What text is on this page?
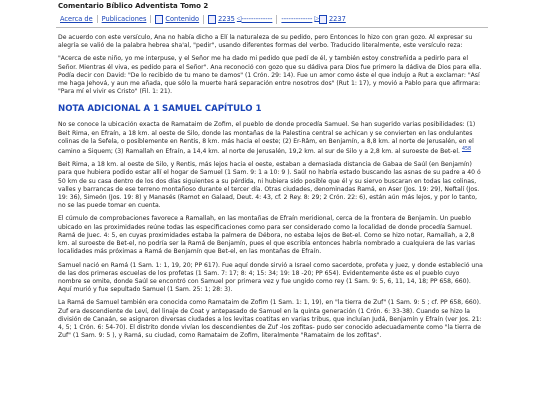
Comentario Bíblico Adventista Tomo 2
Acerca de	Publicaciones	Contenido	2235 ◁ ------------- ------------- ▷ 2237

De acuerdo con este versículo, Ana no había dicho a Elí la naturaleza de su pedido, pero Entonces lo hizo con gran gozo. Al expresar su alegría se valió de la palabra hebrea sha'al, "pedir", usando diferentes formas del verbo. Traducido literalmente, este versículo reza:

"Acerca de este niño, yo me interpuse, y el Señor me ha dado mi pedido que pedí de él, y también estoy constreñida a pedirlo para el Señor. Mientras él viva, es pedido para el Señor". Ana reconoció con gozo que su dádiva para Dios fue primero la dádiva de Dios para ella. Podía decir con David: "De lo recibido de tu mano te damos" (1 Crón. 29: 14). Fue un amor como éste el que indujo a Rut a exclamar: "Así me haga Jehová, y aun me añada, que sólo la muerte hará separación entre nosotros dos" (Rut 1: 17), y movió a Pablo para que afirmara: "Para mí el vivir es Cristo" (Fil. 1: 21).

NOTA ADICIONAL A 1 SAMUEL CAPÍTULO 1

No se conoce la ubicación exacta de Ramataim de Zofim, el pueblo de donde procedía Samuel. Se han sugerido varias posibilidades: (1) Beit Rima, en Efraín, a 18 km. al oeste de Silo, donde las montañas de la Palestina central se achican y se convierten en las ondulantes colinas de la Sefela, o posiblemente en Rentis, 8 km. más hacia el oeste; (2) Er-Râm, en Benjamín, a 8,8 km. al norte de Jerusalén, en el camino a Siquem; (3) Ramallah en Efraín, a 14,4 km. al norte de Jerusalén, 19,2 km. al sur de Silo y a 2,8 km. al suroeste de Bet-el. $^{458}$

Beit Rima, a 18 km. al oeste de Silo, y Rentis, más lejos hacia el oeste, estaban a demasiada distancia de Gabaa de Saúl (en Benjamín) para que hubiera podido estar allí el hogar de Samuel (1 Sam. 9: 1 a 10: 9 ). Saúl no habría estado buscando las asnas de su padre a 40 ó 50 km de su casa dentro de los dos días siguientes a su pérdida, ni hubiera sido posible que él y su siervo buscaran en todas las colinas, valles y barrancas de ese terreno montañoso durante el tercer día. Otras ciudades, denominadas Ramá, en Aser (Jos. 19: 29), Neftalí (Jos. 19: 36), Simeón (Jos. 19: 8) y Manasés (Ramot en Galaad, Deut. 4: 43, cf. 2 Rey. 8: 29; 2 Crón. 22: 6), están aún más lejos, y por lo tanto, no se las puede tomar en cuenta.

El cúmulo de comprobaciones favorece a Ramallah, en las montañas de Efraín meridional, cerca de la frontera de Benjamín. Un pueblo ubicado en las proximidades reúne todas las especificaciones como para ser considerado como la localidad de donde procedía Samuel. Ramá de Juec. 4: 5, en cuyas proximidades estaba la palmera de Débora, no estaba lejos de Bet-el. Como se hizo notar, Ramallah, a 2,8 km. al suroeste de Bet-el, no podría ser la Ramá de Benjamín, pues el que escribía entonces habría nombrado a cualquiera de las varias localidades más próximas a Ramá de Benjamín que Bet-el, en las montañas de Efraín.

Samuel nació en Ramá (1 Sam. 1: 1, 19, 20; PP 617). Fue aquí donde sirvió a Israel como sacerdote, profeta y juez, y donde estableció una de las dos primeras escuelas de los profetas (1 Sam. 7: 17; 8: 4; 15: 34; 19: 18 -20; PP 654). Evidentemente éste es el pueblo cuyo nombre se omite, donde Saúl se encontró con Samuel por primera vez y fue ungido como rey (1 Sam. 9: 5, 6, 11, 14, 18; PP 658, 660). Aquí murió y fue sepultado Samuel (1 Sam. 25: 1; 28: 3).

La Ramá de Samuel también era conocida como Ramataim de Zofim (1 Sam. 1: 1, 19), en "la tierra de Zuf" (1 Sam. 9: 5 ; cf. PP 658, 660). Zuf era descendiente de Leví, del linaje de Coat y antepasado de Samuel en la quinta generación (1 Crón. 6: 33-38). Cuando se hizo la división de Canaán, se asignaron diversas ciudades a los levitas coatitas en varias tribus, que incluían Judá, Benjamín y Efraín (ver Jos. 21: 4, 5; 1 Crón. 6: 54-70). El distrito donde vivían los descendientes de Zuf -los zofitas- pudo ser conocido adecuadamente como "la tierra de Zuf" (1 Sam. 9: 5 ), y Ramá, su ciudad, como Ramataim de Zofim, literalmente "Ramataim de los zofitas".
